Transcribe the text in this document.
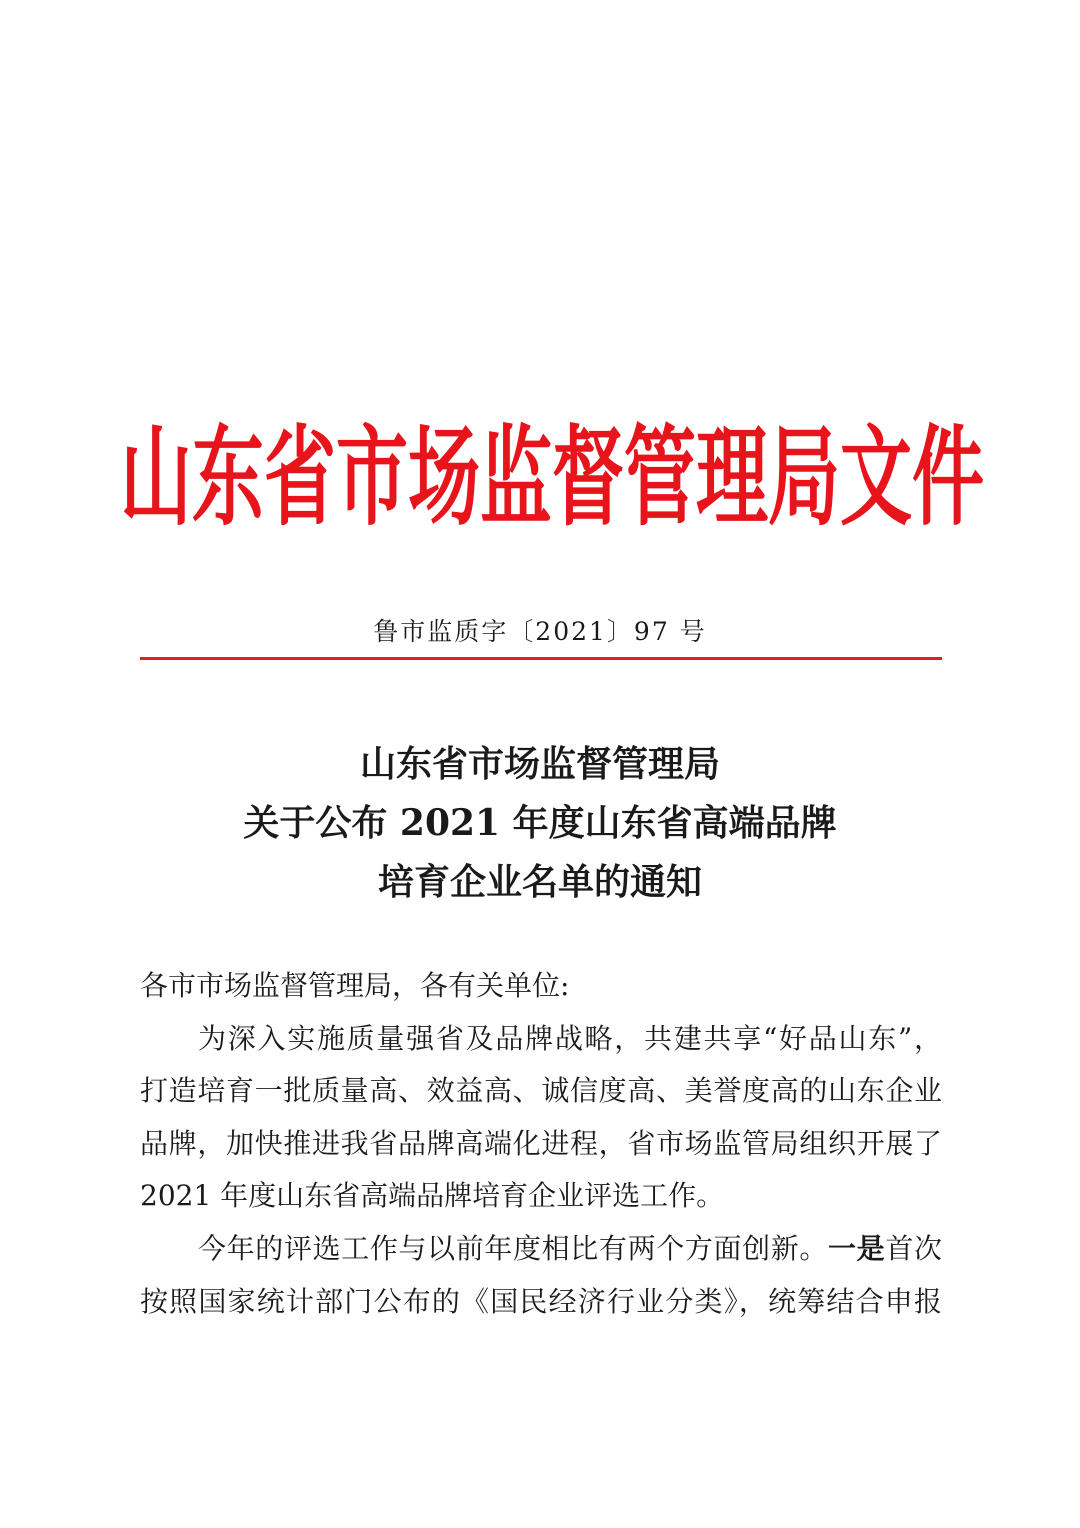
山东省市场监督管理局文件
鲁市监质字〔2021〕97 号
山东省市场监督管理局
关于公布 2021 年度山东省高端品牌
培育企业名单的通知
各市市场监督管理局，各有关单位:
为深入实施质量强省及品牌战略，共建共享“好品山东”，
打造培育一批质量高、效益高、诚信度高、美誉度高的山东企业
品牌，加快推进我省品牌高端化进程，省市场监管局组织开展了
2021 年度山东省高端品牌培育企业评选工作。
今年的评选工作与以前年度相比有两个方面创新。一是首次
按照国家统计部门公布的《国民经济行业分类》，统筹结合申报
